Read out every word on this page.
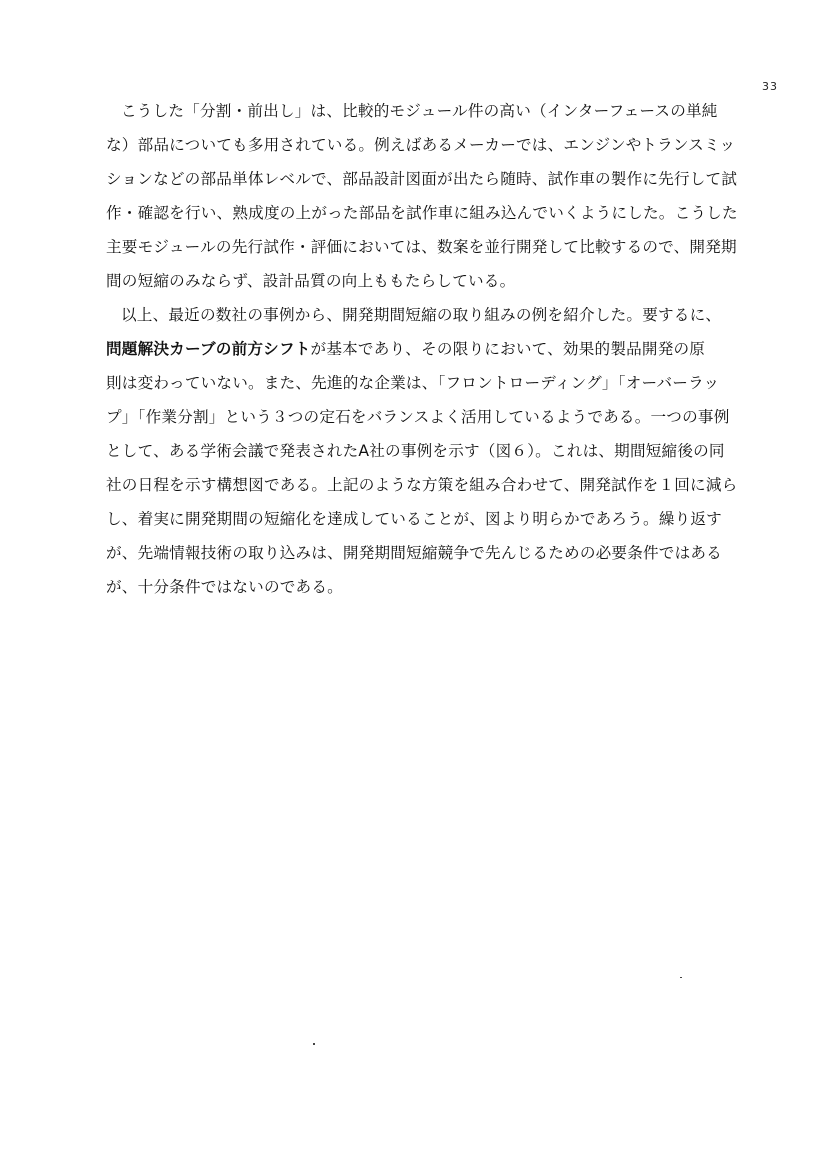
33
こうした「分割・前出し」は、比較的モジュール件の高い（インターフェースの単純
な）部品についても多用されている。例えばあるメーカーでは、エンジンやトランスミッ
ションなどの部品単体レベルで、部品設計図面が出たら随時、試作車の製作に先行して試
作・確認を行い、熟成度の上がった部品を試作車に組み込んでいくようにした。こうした
主要モジュールの先行試作・評価においては、数案を並行開発して比較するので、開発期
間の短縮のみならず、設計品質の向上ももたらしている。
以上、最近の数社の事例から、開発期間短縮の取り組みの例を紹介した。要するに、
問題解決カーブの前方シフトが基本であり、その限りにおいて、効果的製品開発の原
則は変わっていない。また、先進的な企業は、「フロントローディング」「オーバーラッ
プ」「作業分割」という３つの定石をバランスよく活用しているようである。一つの事例
として、ある学術会議で発表されたA社の事例を示す（図６）。これは、期間短縮後の同
社の日程を示す構想図である。上記のような方策を組み合わせて、開発試作を１回に減ら
し、着実に開発期間の短縮化を達成していることが、図より明らかであろう。繰り返す
が、先端情報技術の取り込みは、開発期間短縮競争で先んじるための必要条件ではある
が、十分条件ではないのである。
